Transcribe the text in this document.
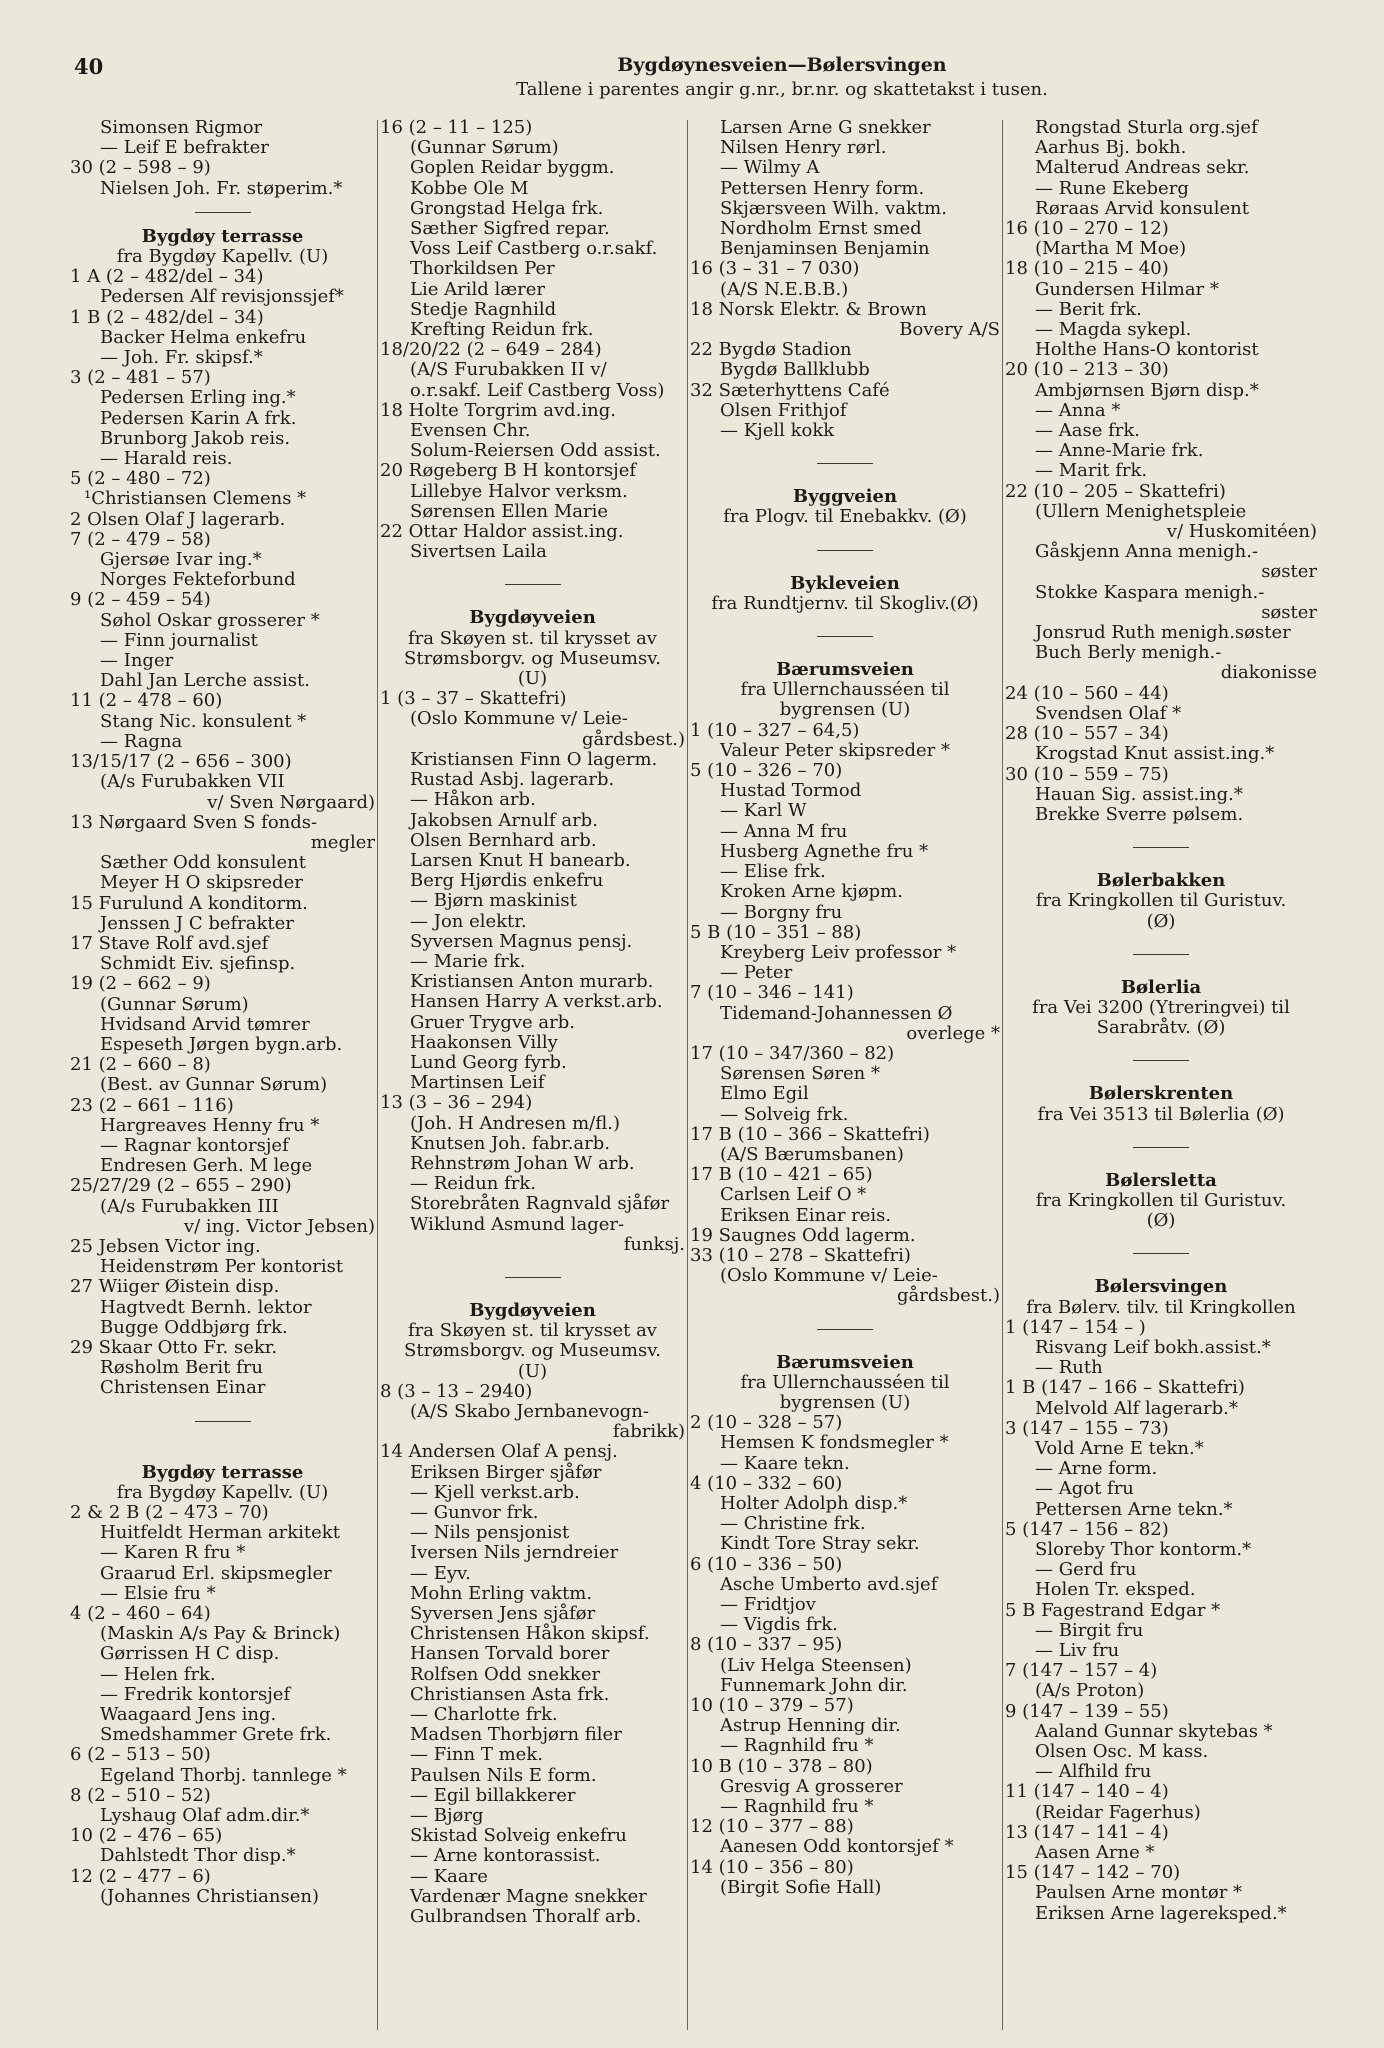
40	Bygdøynesveien—Bølersvingen
Tallene i parentes angir g.nr., br.nr. og skattetakst i tusen.
Simonsen Rigmor
— Leif E befrakter
30 (2 – 598 – 9)
Nielsen Joh. Fr. støperim.*
Bygdøy terrasse
fra Bygdøy Kapellv. (U)
1 A (2 – 482/del – 34)
Pedersen Alf revisjonssjef*
1 B (2 – 482/del – 34)
Backer Helma enkefru
— Joh. Fr. skipsf.*
3 (2 – 481 – 57)
Pedersen Erling ing.*
Pedersen Karin A frk.
Brunborg Jakob reis.
— Harald reis.
5 (2 – 480 – 72)
¹Christiansen Clemens *
2 Olsen Olaf J lagerarb.
7 (2 – 479 – 58)
Gjersøe Ivar ing.*
Norges Fekteforbund
9 (2 – 459 – 54)
Søhol Oskar grosserer *
— Finn journalist
— Inger
Dahl Jan Lerche assist.
11 (2 – 478 – 60)
Stang Nic. konsulent *
— Ragna
13/15/17 (2 – 656 – 300)
(A/s Furubakken VII
v/ Sven Nørgaard)
13 Nørgaard Sven S fonds-
megler
Sæther Odd konsulent
Meyer H O skipsreder
15 Furulund A konditorm.
Jenssen J C befrakter
17 Stave Rolf avd.sjef
Schmidt Eiv. sjefinsp.
19 (2 – 662 – 9)
(Gunnar Sørum)
Hvidsand Arvid tømrer
Espeseth Jørgen bygn.arb.
21 (2 – 660 – 8)
(Best. av Gunnar Sørum)
23 (2 – 661 – 116)
Hargreaves Henny fru *
— Ragnar kontorsjef
Endresen Gerh. M lege
25/27/29 (2 – 655 – 290)
(A/s Furubakken III
v/ ing. Victor Jebsen)
25 Jebsen Victor ing.
Heidenstrøm Per kontorist
27 Wiiger Øistein disp.
Hagtvedt Bernh. lektor
Bugge Oddbjørg frk.
29 Skaar Otto Fr. sekr.
Røsholm Berit fru
Christensen Einar
Bygdøy terrasse
fra Bygdøy Kapellv. (U)
2 & 2 B (2 – 473 – 70)
Huitfeldt Herman arkitekt
— Karen R fru *
Graarud Erl. skipsmegler
— Elsie fru *
4 (2 – 460 – 64)
(Maskin A/s Pay & Brinck)
Gørrissen H C disp.
— Helen frk.
— Fredrik kontorsjef
Waagaard Jens ing.
Smedshammer Grete frk.
6 (2 – 513 – 50)
Egeland Thorbj. tannlege *
8 (2 – 510 – 52)
Lyshaug Olaf adm.dir.*
10 (2 – 476 – 65)
Dahlstedt Thor disp.*
12 (2 – 477 – 6)
(Johannes Christiansen)
16 (2 – 11 – 125)
(Gunnar Sørum)
Goplen Reidar byggm.
Kobbe Ole M
Grongstad Helga frk.
Sæther Sigfred repar.
Voss Leif Castberg o.r.sakf.
Thorkildsen Per
Lie Arild lærer
Stedje Ragnhild
Krefting Reidun frk.
18/20/22 (2 – 649 – 284)
(A/S Furubakken II v/
o.r.sakf. Leif Castberg Voss)
18 Holte Torgrim avd.ing.
Evensen Chr.
Solum-Reiersen Odd assist.
20 Røgeberg B H kontorsjef
Lillebye Halvor verksm.
Sørensen Ellen Marie
22 Ottar Haldor assist.ing.
Sivertsen Laila
Bygdøyveien
fra Skøyen st. til krysset av
Strømsborgv. og Museumsv.
(U)
1 (3 – 37 – Skattefri)
(Oslo Kommune v/ Leie-
gårdsbest.)
Kristiansen Finn O lagerm.
Rustad Asbj. lagerarb.
— Håkon arb.
Jakobsen Arnulf arb.
Olsen Bernhard arb.
Larsen Knut H banearb.
Berg Hjørdis enkefru
— Bjørn maskinist
— Jon elektr.
Syversen Magnus pensj.
— Marie frk.
Kristiansen Anton murarb.
Hansen Harry A verkst.arb.
Gruer Trygve arb.
Haakonsen Villy
Lund Georg fyrb.
Martinsen Leif
13 (3 – 36 – 294)
(Joh. H Andresen m/fl.)
Knutsen Joh. fabr.arb.
Rehnstrøm Johan W arb.
— Reidun frk.
Storebråten Ragnvald sjåfør
Wiklund Asmund lager-
funksj.
Bygdøyveien
fra Skøyen st. til krysset av
Strømsborgv. og Museumsv.
(U)
8 (3 – 13 – 2940)
(A/S Skabo Jernbanevogn-
fabrikk)
14 Andersen Olaf A pensj.
Eriksen Birger sjåfør
— Kjell verkst.arb.
— Gunvor frk.
— Nils pensjonist
Iversen Nils jerndreier
— Eyv.
Mohn Erling vaktm.
Syversen Jens sjåfør
Christensen Håkon skipsf.
Hansen Torvald borer
Rolfsen Odd snekker
Christiansen Asta frk.
— Charlotte frk.
Madsen Thorbjørn filer
— Finn T mek.
Paulsen Nils E form.
— Egil billakkerer
— Bjørg
Skistad Solveig enkefru
— Arne kontorassist.
— Kaare
Vardenær Magne snekker
Gulbrandsen Thoralf arb.
Larsen Arne G snekker
Nilsen Henry rørl.
— Wilmy A
Pettersen Henry form.
Skjærsveen Wilh. vaktm.
Nordholm Ernst smed
Benjaminsen Benjamin
16 (3 – 31 – 7 030)
(A/S N.E.B.B.)
18 Norsk Elektr. & Brown
Bovery A/S
22 Bygdø Stadion
Bygdø Ballklubb
32 Sæterhyttens Café
Olsen Frithjof
— Kjell kokk
Byggveien
fra Plogv. til Enebakkv. (Ø)
Bykleveien
fra Rundtjernv. til Skogliv.(Ø)
Bærumsveien
fra Ullernchausséen til
bygrensen (U)
1 (10 – 327 – 64,5)
Valeur Peter skipsreder *
5 (10 – 326 – 70)
Hustad Tormod
— Karl W
— Anna M fru
Husberg Agnethe fru *
— Elise frk.
Kroken Arne kjøpm.
— Borgny fru
5 B (10 – 351 – 88)
Kreyberg Leiv professor *
— Peter
7 (10 – 346 – 141)
Tidemand-Johannessen Ø
overlege *
17 (10 – 347/360 – 82)
Sørensen Søren *
Elmo Egil
— Solveig frk.
17 B (10 – 366 – Skattefri)
(A/S Bærumsbanen)
17 B (10 – 421 – 65)
Carlsen Leif O *
Eriksen Einar reis.
19 Saugnes Odd lagerm.
33 (10 – 278 – Skattefri)
(Oslo Kommune v/ Leie-
gårdsbest.)
Bærumsveien
fra Ullernchausséen til
bygrensen (U)
2 (10 – 328 – 57)
Hemsen K fondsmegler *
— Kaare tekn.
4 (10 – 332 – 60)
Holter Adolph disp.*
— Christine frk.
Kindt Tore Stray sekr.
6 (10 – 336 – 50)
Asche Umberto avd.sjef
— Fridtjov
— Vigdis frk.
8 (10 – 337 – 95)
(Liv Helga Steensen)
Funnemark John dir.
10 (10 – 379 – 57)
Astrup Henning dir.
— Ragnhild fru *
10 B (10 – 378 – 80)
Gresvig A grosserer
— Ragnhild fru *
12 (10 – 377 – 88)
Aanesen Odd kontorsjef *
14 (10 – 356 – 80)
(Birgit Sofie Hall)
Rongstad Sturla org.sjef
Aarhus Bj. bokh.
Malterud Andreas sekr.
— Rune Ekeberg
Røraas Arvid konsulent
16 (10 – 270 – 12)
(Martha M Moe)
18 (10 – 215 – 40)
Gundersen Hilmar *
— Berit frk.
— Magda sykepl.
Holthe Hans-O kontorist
20 (10 – 213 – 30)
Ambjørnsen Bjørn disp.*
— Anna *
— Aase frk.
— Anne-Marie frk.
— Marit frk.
22 (10 – 205 – Skattefri)
(Ullern Menighetspleie
v/ Huskomitéen)
Gåskjenn Anna menigh.-
søster
Stokke Kaspara menigh.-
søster
Jonsrud Ruth menigh.søster
Buch Berly menigh.-
diakonisse
24 (10 – 560 – 44)
Svendsen Olaf *
28 (10 – 557 – 34)
Krogstad Knut assist.ing.*
30 (10 – 559 – 75)
Hauan Sig. assist.ing.*
Brekke Sverre pølsem.
Bølerbakken
fra Kringkollen til Guristuv.
(Ø)
Bølerlia
fra Vei 3200 (Ytreringvei) til
Sarabråtv. (Ø)
Bølerskrenten
fra Vei 3513 til Bølerlia (Ø)
Bølersletta
fra Kringkollen til Guristuv.
(Ø)
Bølersvingen
fra Bølerv. tilv. til Kringkollen
1 (147 – 154 – )
Risvang Leif bokh.assist.*
— Ruth
1 B (147 – 166 – Skattefri)
Melvold Alf lagerarb.*
3 (147 – 155 – 73)
Vold Arne E tekn.*
— Arne form.
— Agot fru
Pettersen Arne tekn.*
5 (147 – 156 – 82)
Sloreby Thor kontorm.*
— Gerd fru
Holen Tr. eksped.
5 B Fagestrand Edgar *
— Birgit fru
— Liv fru
7 (147 – 157 – 4)
(A/s Proton)
9 (147 – 139 – 55)
Aaland Gunnar skytebas *
Olsen Osc. M kass.
— Alfhild fru
11 (147 – 140 – 4)
(Reidar Fagerhus)
13 (147 – 141 – 4)
Aasen Arne *
15 (147 – 142 – 70)
Paulsen Arne montør *
Eriksen Arne lagereksped.*
